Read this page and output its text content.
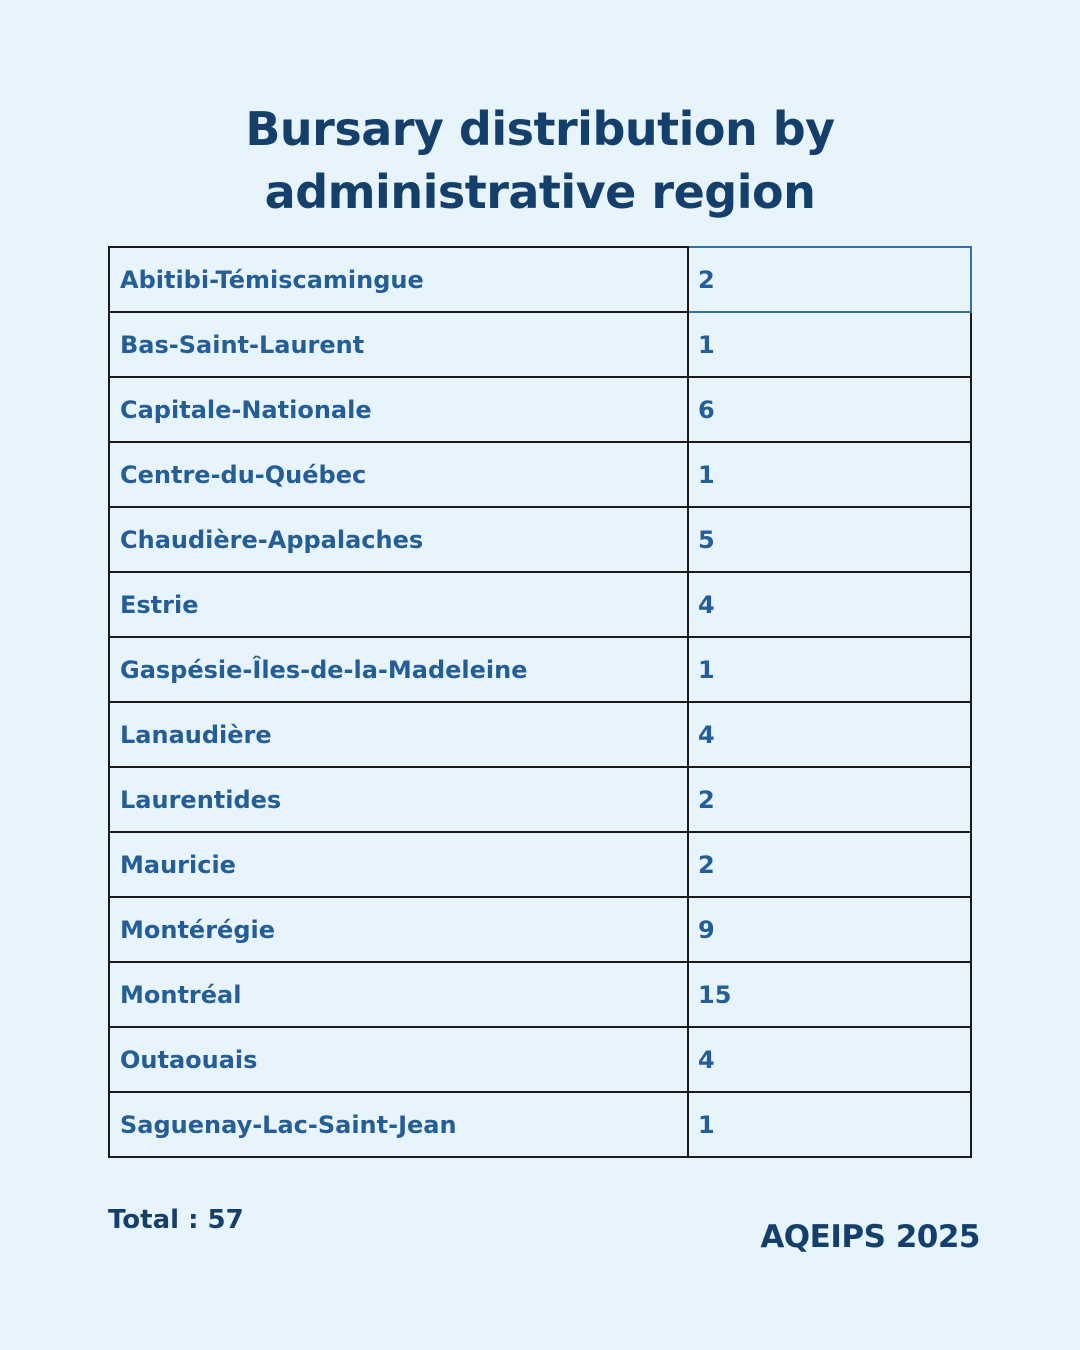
Bursary distribution by
administrative region
Abitibi-Témiscamingue	2
Bas-Saint-Laurent	1
Capitale-Nationale	6
Centre-du-Québec	1
Chaudière-Appalaches	5
Estrie	4
Gaspésie-Îles-de-la-Madeleine	1
Lanaudière	4
Laurentides	2
Mauricie	2
Montérégie	9
Montréal	15
Outaouais	4
Saguenay-Lac-Saint-Jean	1
Total : 57	AQEIPS 2025
